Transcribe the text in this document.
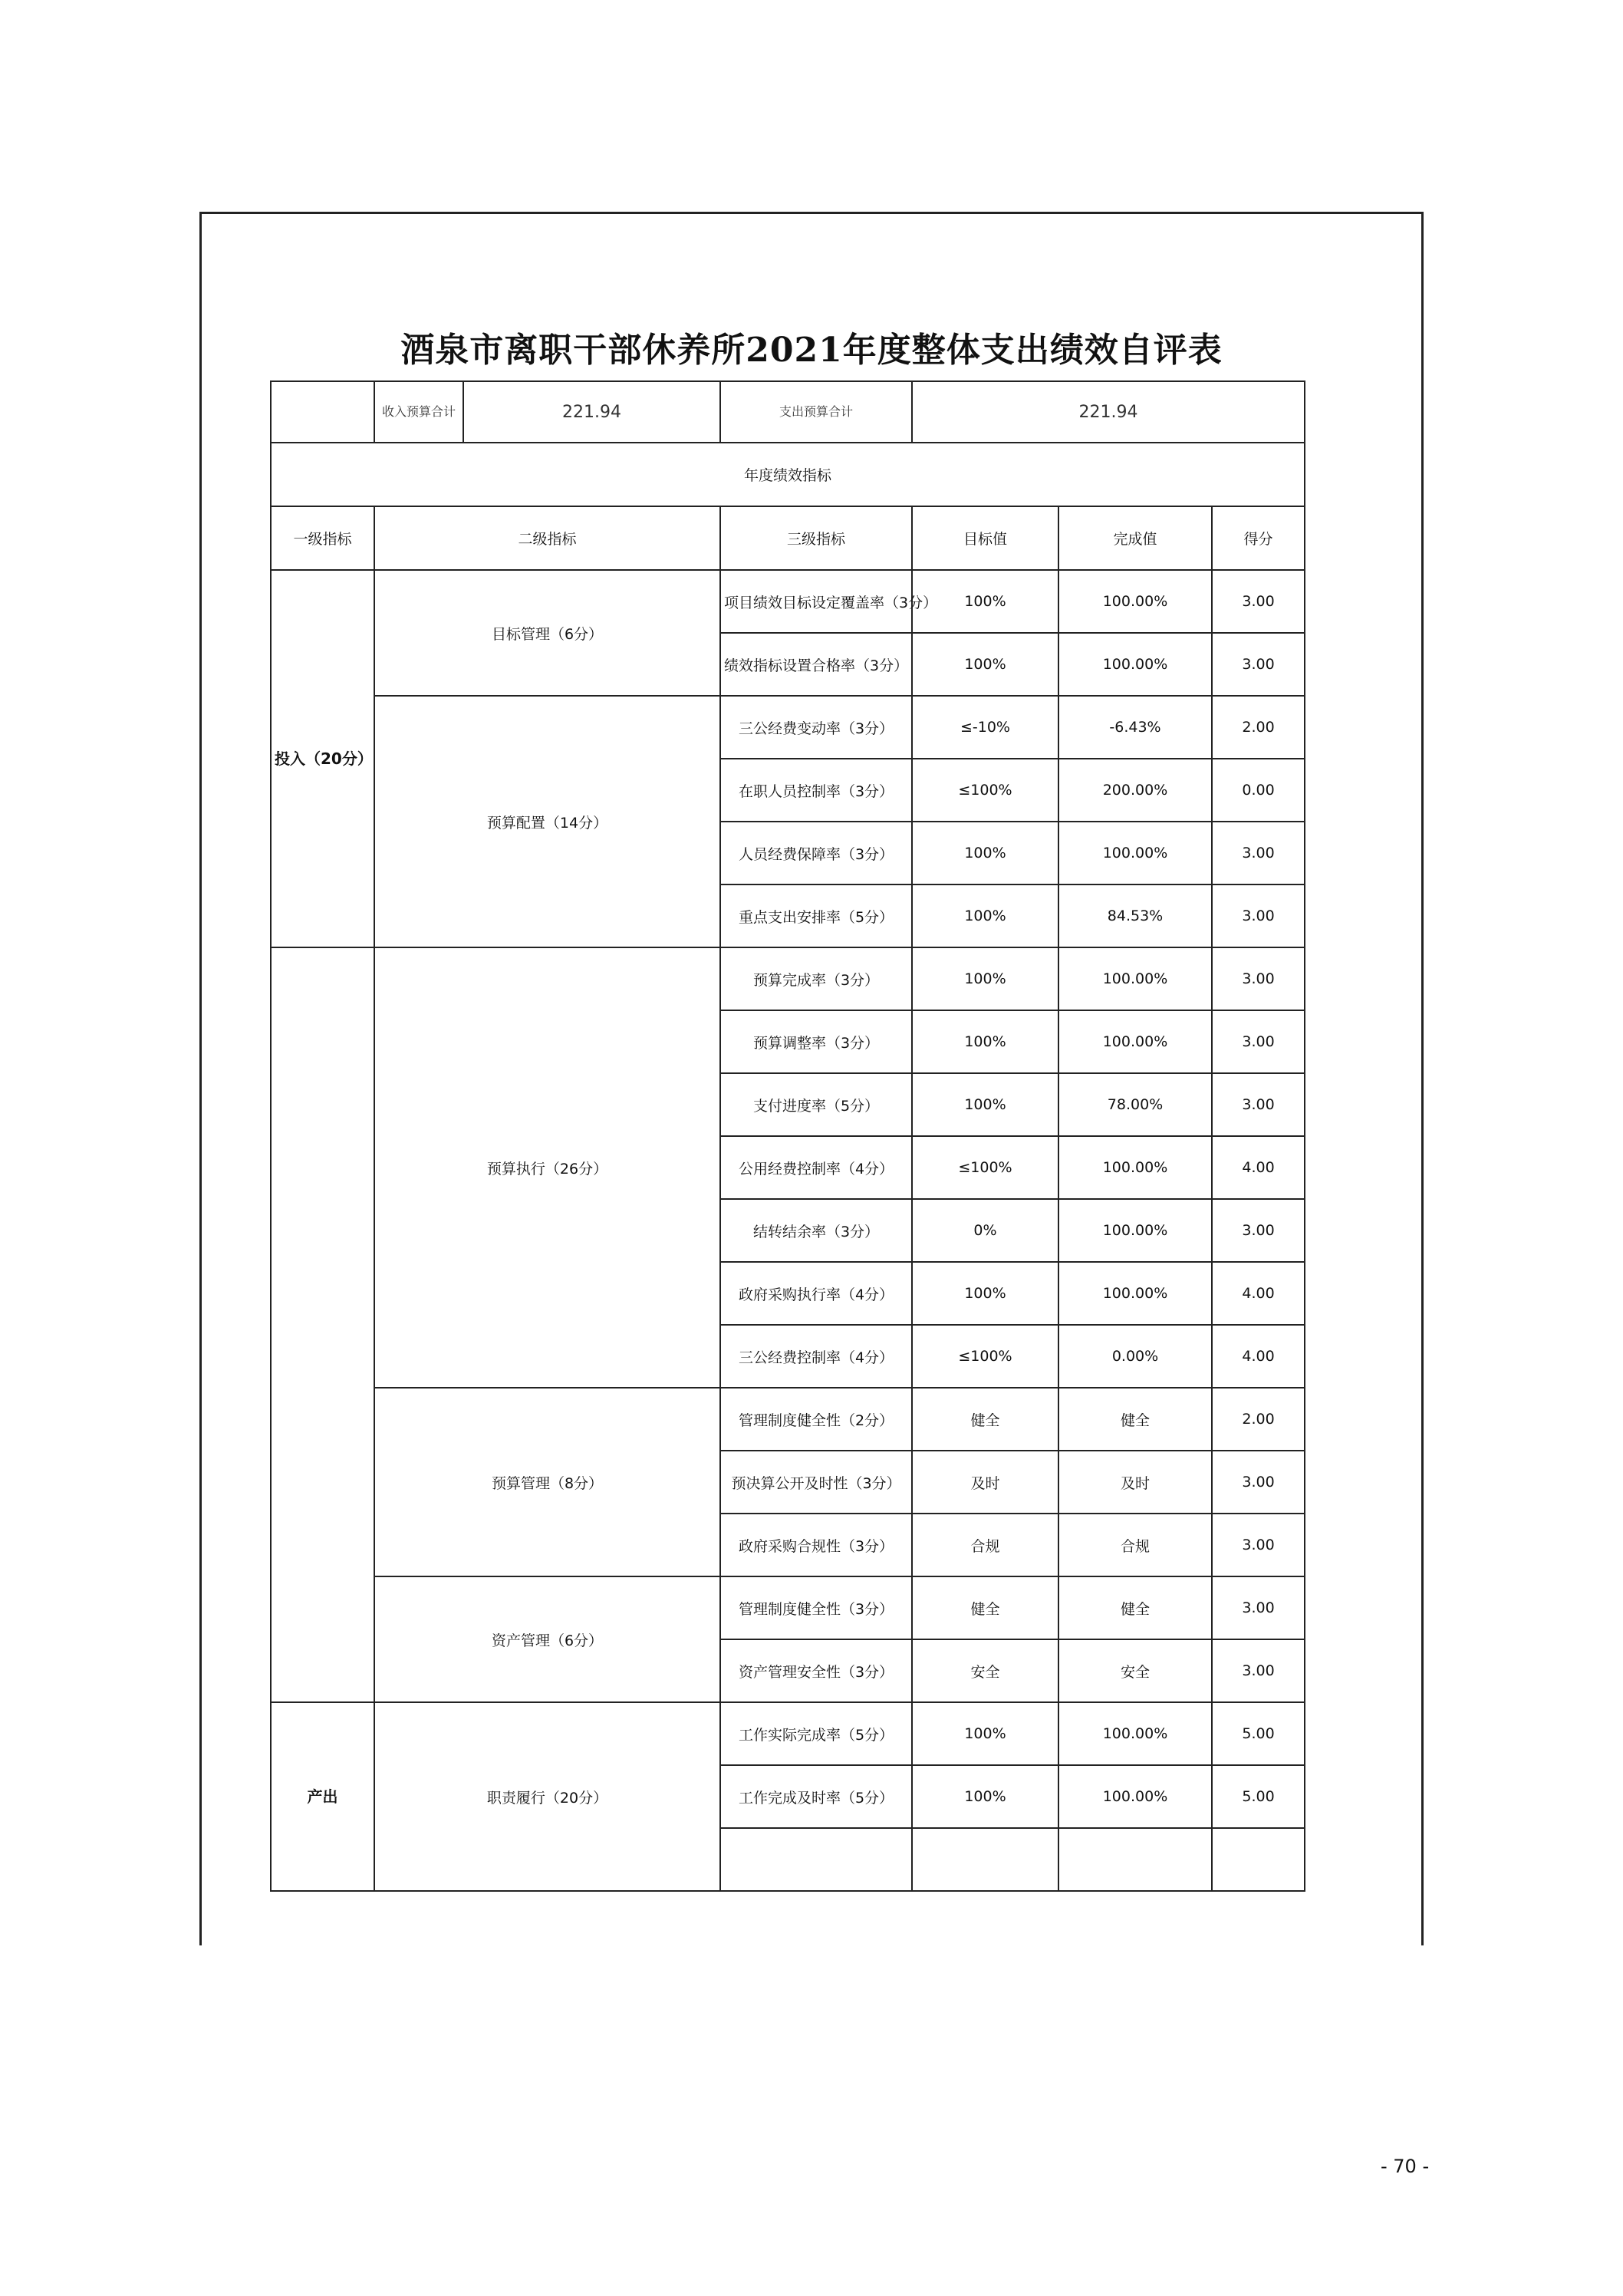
酒泉市离职干部休养所2021年度整体支出绩效自评表
	收入预算合计	221.94	支出预算合计	221.94		
年度绩效指标						
一级指标	二级指标		三级指标	目标值	完成值	得分
投入（20分）	目标管理（6分）		项目绩效目标设定覆盖率（3分）	100%	100.00%	3.00
			绩效指标设置合格率（3分）	100%	100.00%	3.00
	预算配置（14分）		三公经费变动率（3分）	≤-10%	-6.43%	2.00
			在职人员控制率（3分）	≤100%	200.00%	0.00
			人员经费保障率（3分）	100%	100.00%	3.00
			重点支出安排率（5分）	100%	84.53%	3.00
	预算执行（26分）		预算完成率（3分）	100%	100.00%	3.00
			预算调整率（3分）	100%	100.00%	3.00
			支付进度率（5分）	100%	78.00%	3.00
			公用经费控制率（4分）	≤100%	100.00%	4.00
			结转结余率（3分）	0%	100.00%	3.00
			政府采购执行率（4分）	100%	100.00%	4.00
			三公经费控制率（4分）	≤100%	0.00%	4.00
	预算管理（8分）		管理制度健全性（2分）	健全	健全	2.00
			预决算公开及时性（3分）	及时	及时	3.00
			政府采购合规性（3分）	合规	合规	3.00
	资产管理（6分）		管理制度健全性（3分）	健全	健全	3.00
			资产管理安全性（3分）	安全	安全	3.00
产出	职责履行（20分）		工作实际完成率（5分）	100%	100.00%	5.00
			工作完成及时率（5分）	100%	100.00%	5.00

- 70 -
